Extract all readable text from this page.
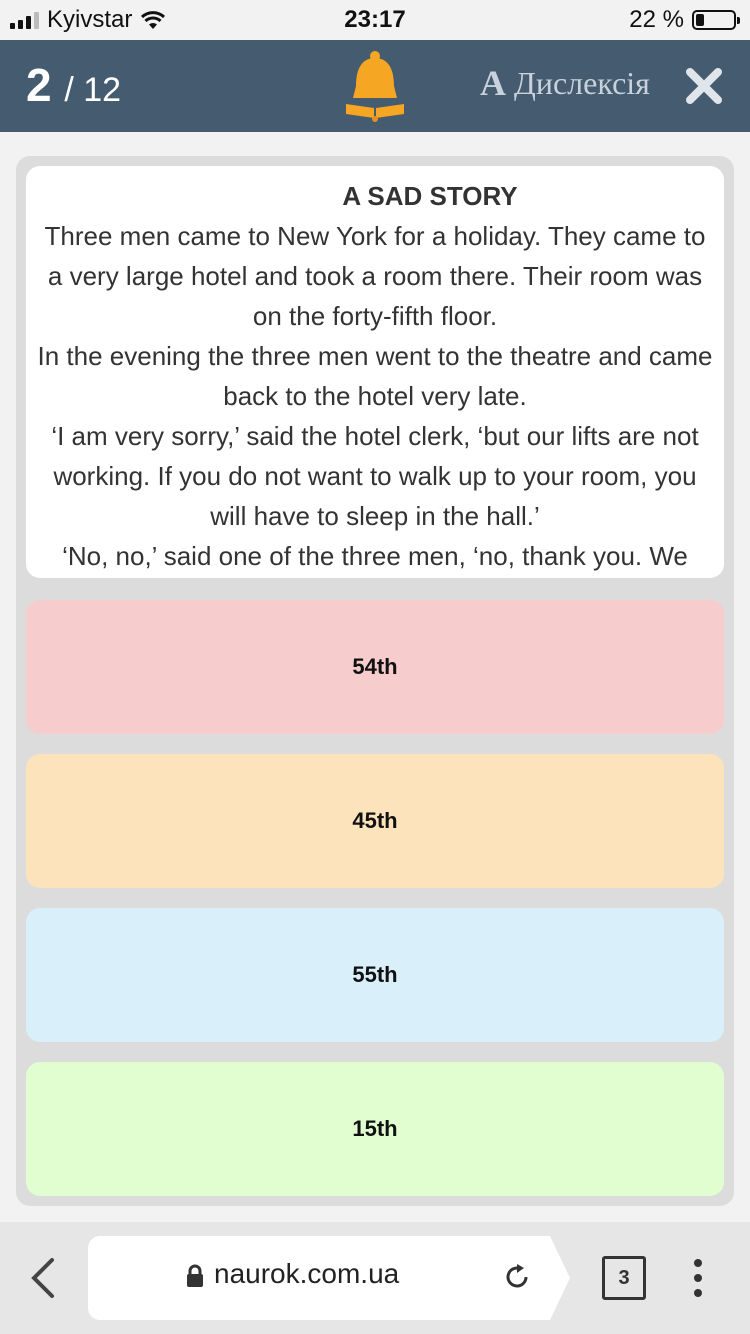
Kyivstar	23:17	22 %
2 / 12	A Дислексія
A SAD STORY

Three men came to New York for a holiday. They came to a very large hotel and took a room there. Their room was on the forty-fifth floor.

In the evening the three men went to the theatre and came back to the hotel very late.

‘I am very sorry,’ said the hotel clerk, ‘but our lifts are not working. If you do not want to walk up to your room, you will have to sleep in the hall.’

‘No, no,’ said one of the three men, ‘no, thank you. We

54th
45th
55th
15th
naurok.com.ua	3
